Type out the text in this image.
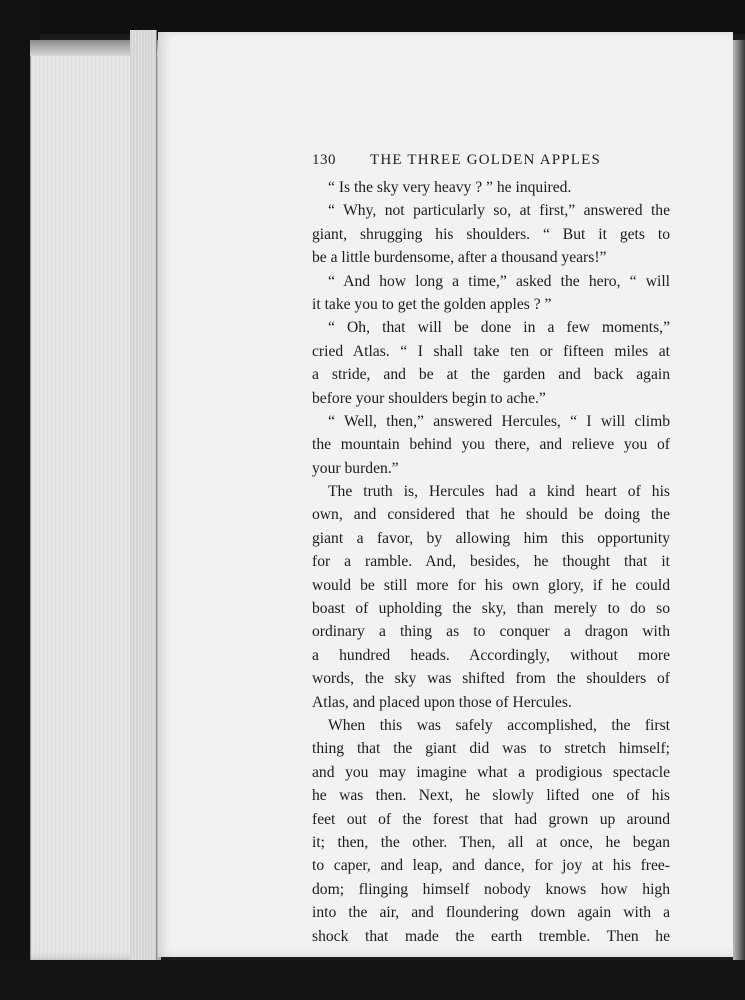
130 THE THREE GOLDEN APPLES
“ Is the sky very heavy ? ” he inquired.
“ Why, not particularly so, at first,” answered the
giant, shrugging his shoulders. “ But it gets to
be a little burdensome, after a thousand years!”
“ And how long a time,” asked the hero, “ will
it take you to get the golden apples ? ”
“ Oh, that will be done in a few moments,”
cried Atlas. “ I shall take ten or fifteen miles at
a stride, and be at the garden and back again
before your shoulders begin to ache.”
“ Well, then,” answered Hercules, “ I will climb
the mountain behind you there, and relieve you of
your burden.”
The truth is, Hercules had a kind heart of his
own, and considered that he should be doing the
giant a favor, by allowing him this opportunity
for a ramble. And, besides, he thought that it
would be still more for his own glory, if he could
boast of upholding the sky, than merely to do so
ordinary a thing as to conquer a dragon with
a hundred heads. Accordingly, without more
words, the sky was shifted from the shoulders of
Atlas, and placed upon those of Hercules.
When this was safely accomplished, the first
thing that the giant did was to stretch himself;
and you may imagine what a prodigious spectacle
he was then. Next, he slowly lifted one of his
feet out of the forest that had grown up around
it; then, the other. Then, all at once, he began
to caper, and leap, and dance, for joy at his free-
dom; flinging himself nobody knows how high
into the air, and floundering down again with a
shock that made the earth tremble. Then he
